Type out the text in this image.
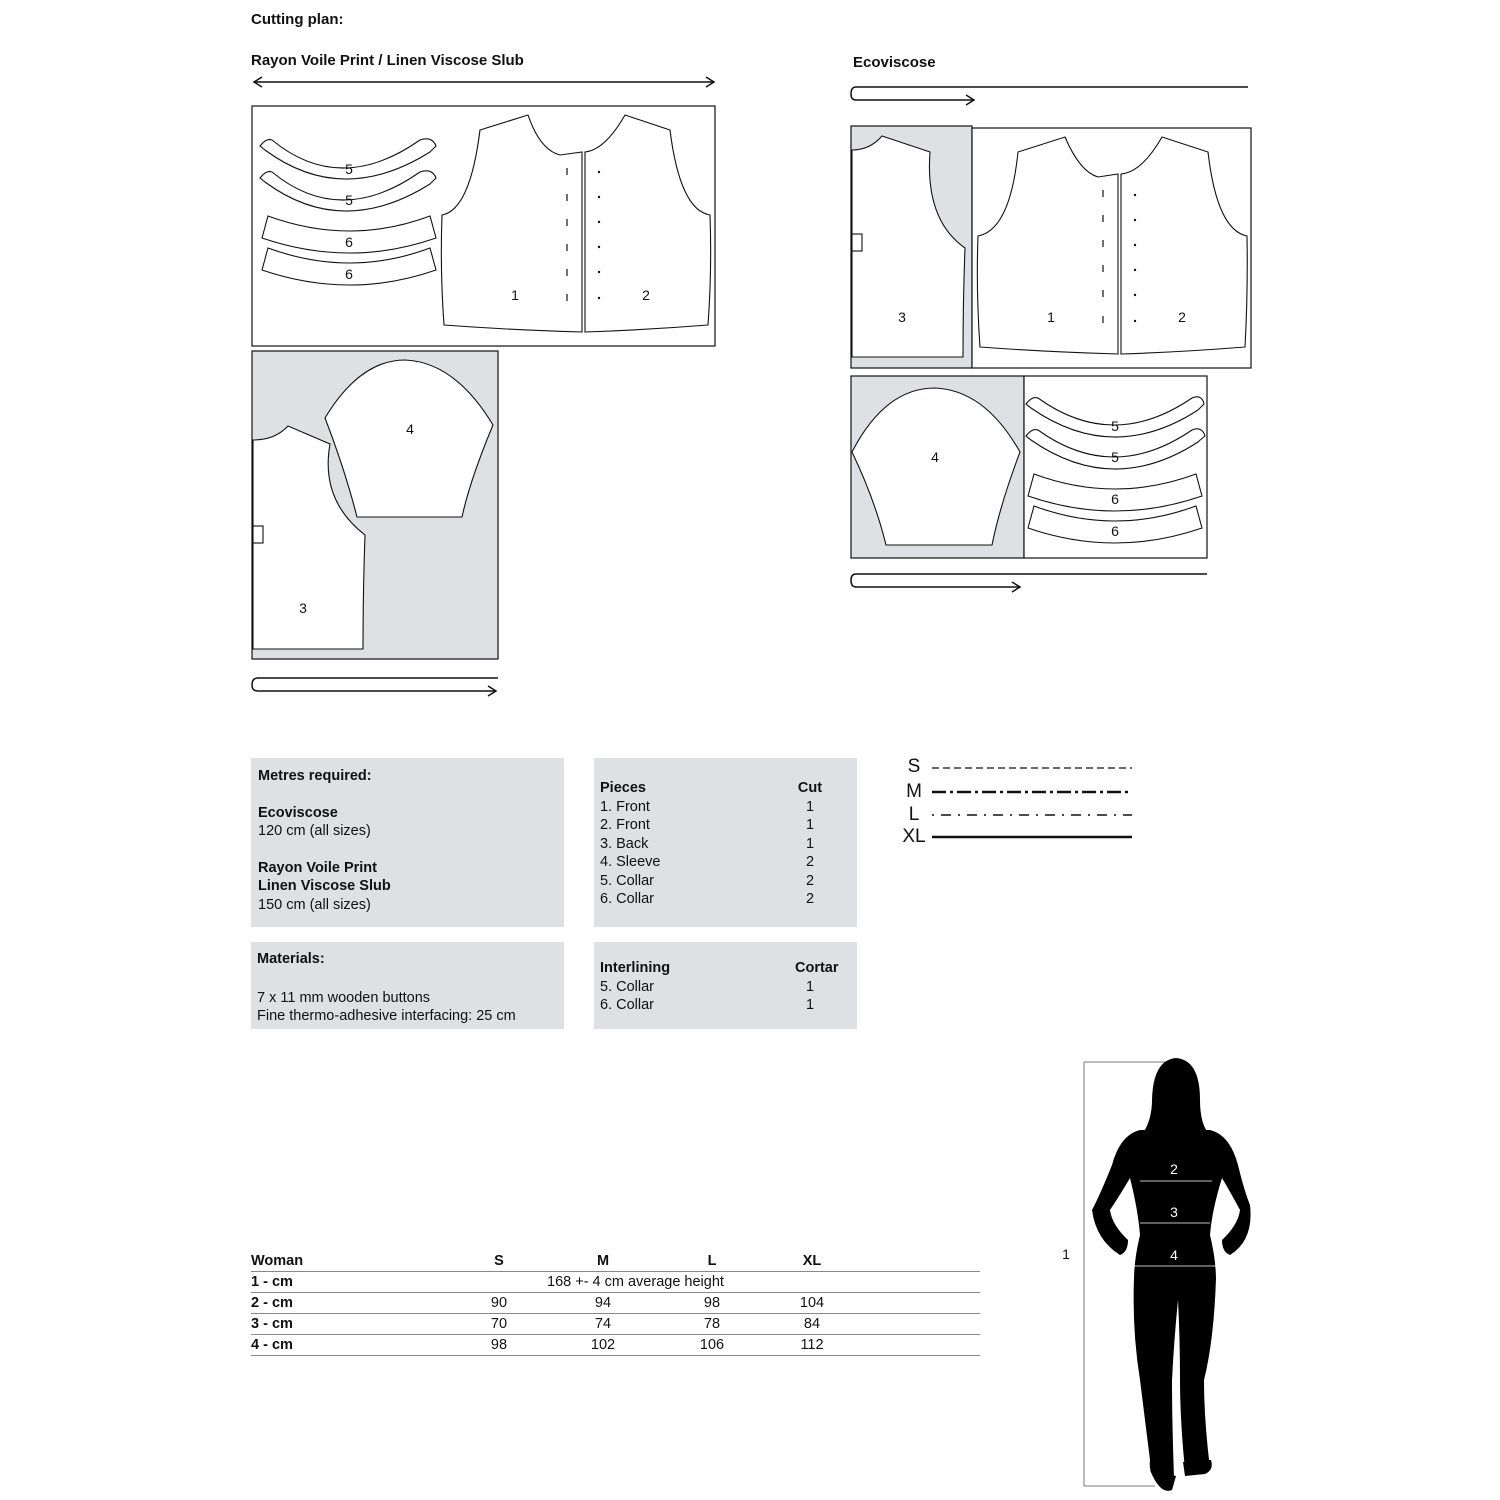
Cutting plan:
Rayon Voile Print / Linen Viscose Slub	Ecoviscose
5
5
6
6
1	2
4
3
3	1	2
4
5
5
6
6
Metres required:
Ecoviscose
120 cm (all sizes)
Rayon Voile Print
Linen Viscose Slub
150 cm (all sizes)
Pieces	Cut
1. Front	1
2. Front	1
3. Back	1
4. Sleeve	2
5. Collar	2
6. Collar	2
Materials:
7 x 11 mm wooden buttons
Fine thermo-adhesive interfacing: 25 cm
Interlining	Cortar
5. Collar	1
6. Collar	1
S
M
L
XL
Woman	S	M	L	XL	
1 - cm		168 +- 4 cm average height			
2 - cm	90	94	98	104	
3 - cm	70	74	78	84	
4 - cm	98	102	106	112	
2
3
4
1
